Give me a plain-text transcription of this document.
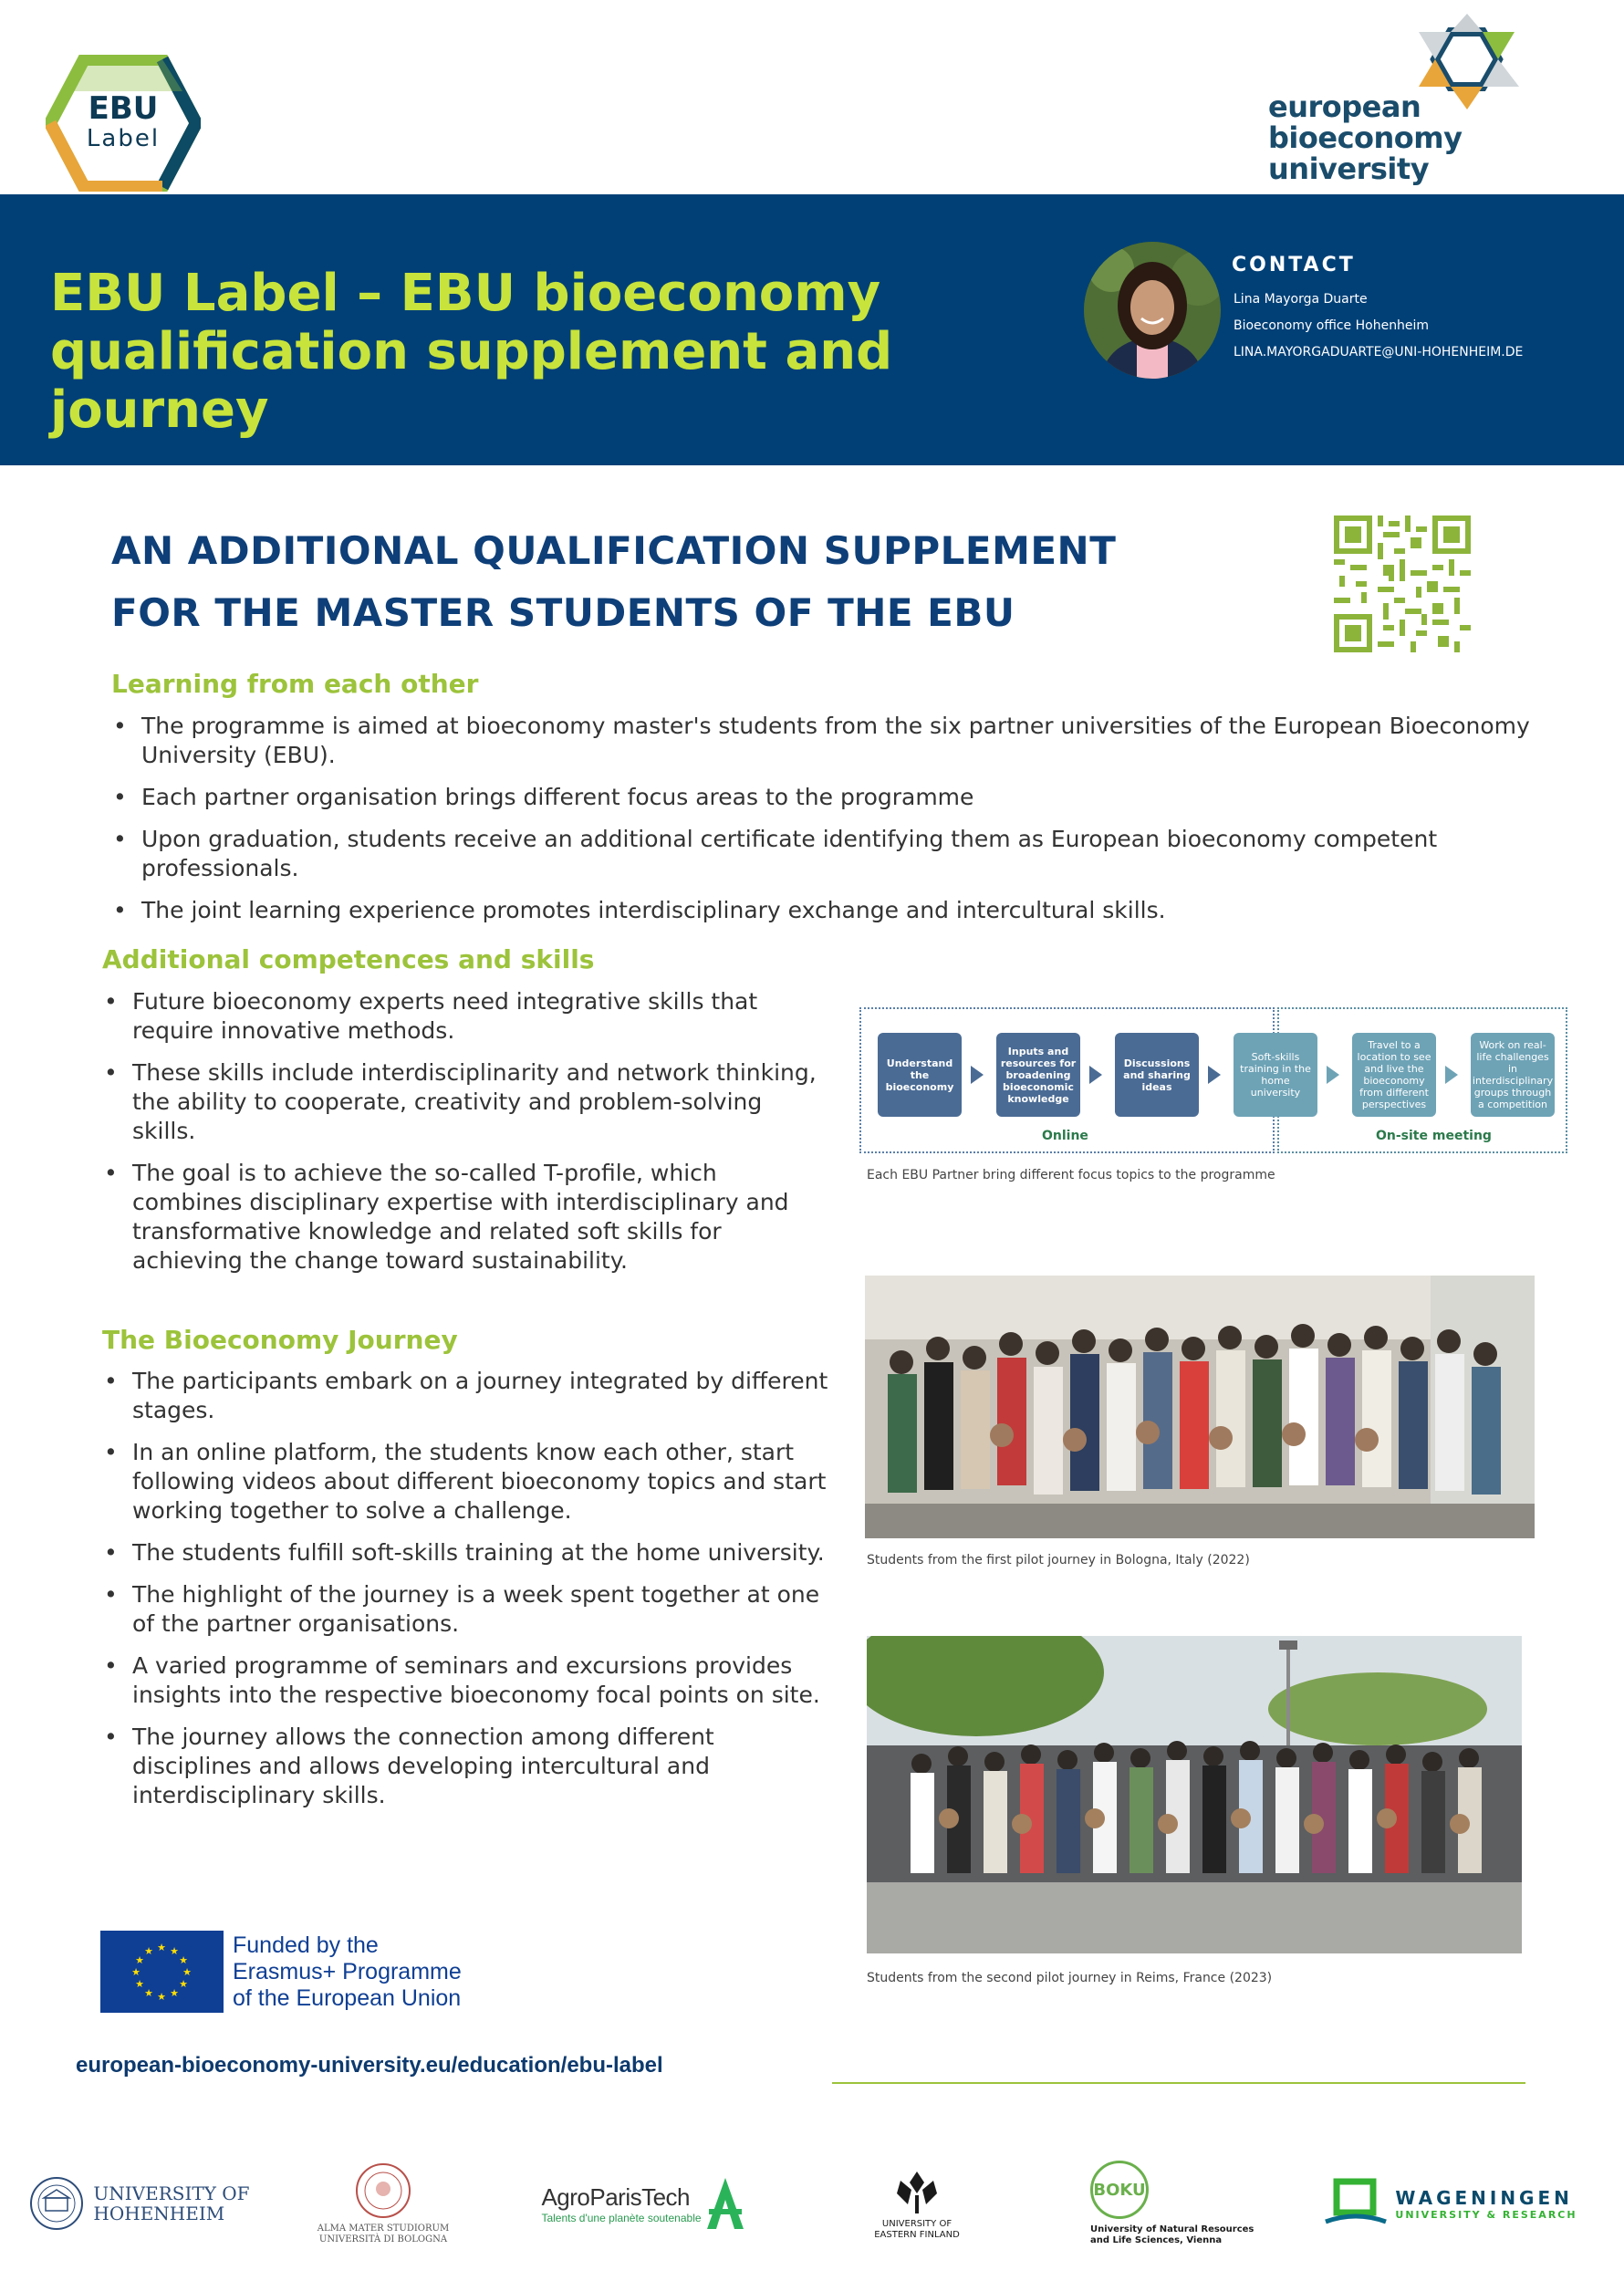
EBU
Label
european
bioeconomy
university
EBU Label – EBU bioeconomy
qualification supplement and journey
CONTACT
Lina Mayorga Duarte
Bioeconomy office Hohenheim
LINA.MAYORGADUARTE@UNI-HOHENHEIM.DE
AN ADDITIONAL QUALIFICATION SUPPLEMENT
FOR THE MASTER STUDENTS OF THE EBU
Learning from each other
• The programme is aimed at bioeconomy master's students from the six partner universities of the European Bioeconomy University (EBU).
• Each partner organisation brings different focus areas to the programme
• Upon graduation, students receive an additional certificate identifying them as European bioeconomy competent professionals.
• The joint learning experience promotes interdisciplinary exchange and intercultural skills.
Additional competences and skills
• Future bioeconomy experts need integrative skills that require innovative methods.
• These skills include interdisciplinarity and network thinking, the ability to cooperate, creativity and problem-solving skills.
• The goal is to achieve the so-called T-profile, which combines disciplinary expertise with interdisciplinary and transformative knowledge and related soft skills for achieving the change toward sustainability.
The Bioeconomy Journey
• The participants embark on a journey integrated by different stages.
• In an online platform, the students know each other, start following videos about different bioeconomy topics and start working together to solve a challenge.
• The students fulfill soft-skills training at the home university.
• The highlight of the journey is a week spent together at one of the partner organisations.
• A varied programme of seminars and excursions provides insights into the respective bioeconomy focal points on site.
• The journey allows the connection among different disciplines and allows developing intercultural and interdisciplinary skills.
Understand the bioeconomy
Inputs and resources for broadening bioeconomic knowledge
Discussions and sharing ideas
Soft-skills training in the home university
Travel to a location to see and live the bioeconomy from different perspectives
Work on real-life challenges in interdisciplinary groups through a competition
Online	On-site meeting
Each EBU Partner bring different focus topics to the programme
Students from the first pilot journey in Bologna, Italy (2022)
Students from the second pilot journey in Reims, France (2023)
★ ★
★
★
★
★
★
★
★
★
★
★	Funded by the
Erasmus+ Programme
of the European Union
european-bioeconomy-university.eu/education/ebu-label
UNIVERSITY OF
HOHENHEIM
ALMA MATER STUDIORUM
UNIVERSITÀ DI BOLOGNA
AgroParisTech
Talents d'une planète soutenable	UNIVERSITY OF
EASTERN FINLAND
BOKU
University of Natural Resources
and Life Sciences, Vienna
WAGENINGEN
UNIVERSITY & RESEARCH
